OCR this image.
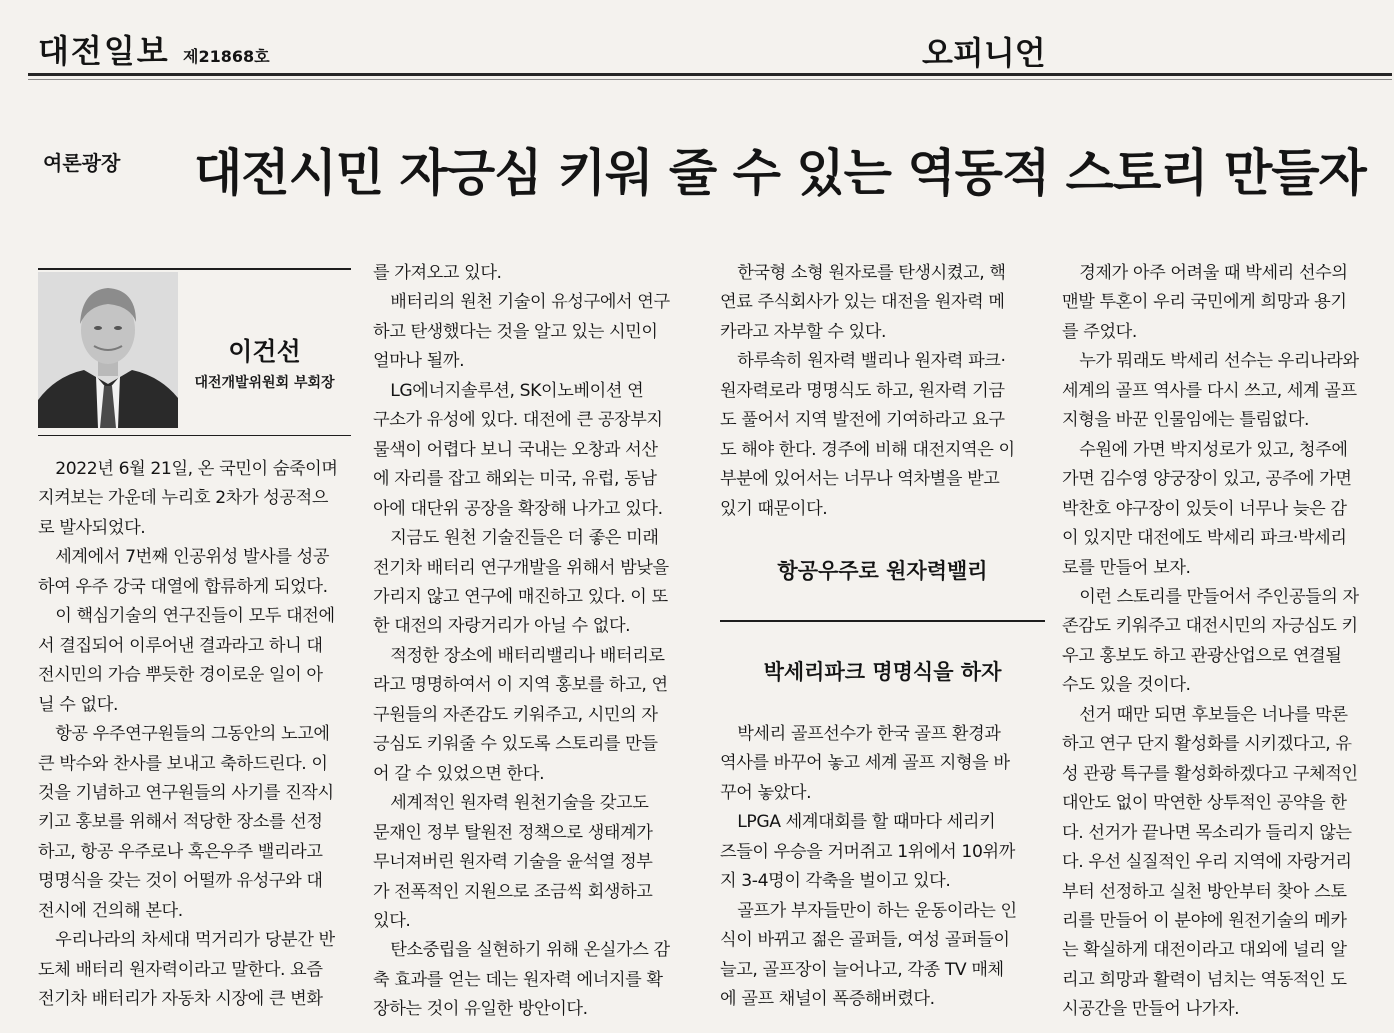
대전일보 제21868호	오피니언
여론광장 대전시민 자긍심 키워 줄 수 있는 역동적 스토리 만들자
이건선
대전개발위원회 부회장

2022년 6월 21일, 온 국민이 숨죽이며

지켜보는 가운데 누리호 2차가 성공적으

로 발사되었다.

세계에서 7번째 인공위성 발사를 성공

하여 우주 강국 대열에 합류하게 되었다.

이 핵심기술의 연구진들이 모두 대전에

서 결집되어 이루어낸 결과라고 하니 대

전시민의 가슴 뿌듯한 경이로운 일이 아

닐 수 없다.

항공 우주연구원들의 그동안의 노고에

큰 박수와 찬사를 보내고 축하드린다. 이

것을 기념하고 연구원들의 사기를 진작시

키고 홍보를 위해서 적당한 장소를 선정

하고, 항공 우주로나 혹은우주 밸리라고

명명식을 갖는 것이 어떨까 유성구와 대

전시에 건의해 본다.

우리나라의 차세대 먹거리가 당분간 반

도체 배터리 원자력이라고 말한다. 요즘

전기차 배터리가 자동차 시장에 큰 변화

를 가져오고 있다.

배터리의 원천 기술이 유성구에서 연구

하고 탄생했다는 것을 알고 있는 시민이

얼마나 될까.

LG에너지솔루션, SK이노베이션 연

구소가 유성에 있다. 대전에 큰 공장부지

물색이 어렵다 보니 국내는 오창과 서산

에 자리를 잡고 해외는 미국, 유럽, 동남

아에 대단위 공장을 확장해 나가고 있다.

지금도 원천 기술진들은 더 좋은 미래

전기차 배터리 연구개발을 위해서 밤낮을

가리지 않고 연구에 매진하고 있다. 이 또

한 대전의 자랑거리가 아닐 수 없다.

적정한 장소에 배터리밸리나 배터리로

라고 명명하여서 이 지역 홍보를 하고, 연

구원들의 자존감도 키워주고, 시민의 자

긍심도 키워줄 수 있도록 스토리를 만들

어 갈 수 있었으면 한다.

세계적인 원자력 원천기술을 갖고도

문재인 정부 탈원전 정책으로 생태계가

무너져버린 원자력 기술을 윤석열 정부

가 전폭적인 지원으로 조금씩 회생하고

있다.

탄소중립을 실현하기 위해 온실가스 감

축 효과를 얻는 데는 원자력 에너지를 확

장하는 것이 유일한 방안이다.

한국형 소형 원자로를 탄생시켰고, 핵

연료 주식회사가 있는 대전을 원자력 메

카라고 자부할 수 있다.

하루속히 원자력 밸리나 원자력 파크·

원자력로라 명명식도 하고, 원자력 기금

도 풀어서 지역 발전에 기여하라고 요구

도 해야 한다. 경주에 비해 대전지역은 이

부분에 있어서는 너무나 역차별을 받고

있기 때문이다.

항공우주로 원자력밸리
박세리파크 명명식을 하자

박세리 골프선수가 한국 골프 환경과

역사를 바꾸어 놓고 세계 골프 지형을 바

꾸어 놓았다.

LPGA 세계대회를 할 때마다 세리키

즈들이 우승을 거머쥐고 1위에서 10위까

지 3-4명이 각축을 벌이고 있다.

골프가 부자들만이 하는 운동이라는 인

식이 바뀌고 젊은 골퍼들, 여성 골퍼들이

늘고, 골프장이 늘어나고, 각종 TV 매체

에 골프 채널이 폭증해버렸다.

경제가 아주 어려울 때 박세리 선수의

맨발 투혼이 우리 국민에게 희망과 용기

를 주었다.

누가 뭐래도 박세리 선수는 우리나라와

세계의 골프 역사를 다시 쓰고, 세계 골프

지형을 바꾼 인물임에는 틀림없다.

수원에 가면 박지성로가 있고, 청주에

가면 김수영 양궁장이 있고, 공주에 가면

박찬호 야구장이 있듯이 너무나 늦은 감

이 있지만 대전에도 박세리 파크·박세리

로를 만들어 보자.

이런 스토리를 만들어서 주인공들의 자

존감도 키워주고 대전시민의 자긍심도 키

우고 홍보도 하고 관광산업으로 연결될

수도 있을 것이다.

선거 때만 되면 후보들은 너나를 막론

하고 연구 단지 활성화를 시키겠다고, 유

성 관광 특구를 활성화하겠다고 구체적인

대안도 없이 막연한 상투적인 공약을 한

다. 선거가 끝나면 목소리가 들리지 않는

다. 우선 실질적인 우리 지역에 자랑거리

부터 선정하고 실천 방안부터 찾아 스토

리를 만들어 이 분야에 원전기술의 메카

는 확실하게 대전이라고 대외에 널리 알

리고 희망과 활력이 넘치는 역동적인 도

시공간을 만들어 나가자.
